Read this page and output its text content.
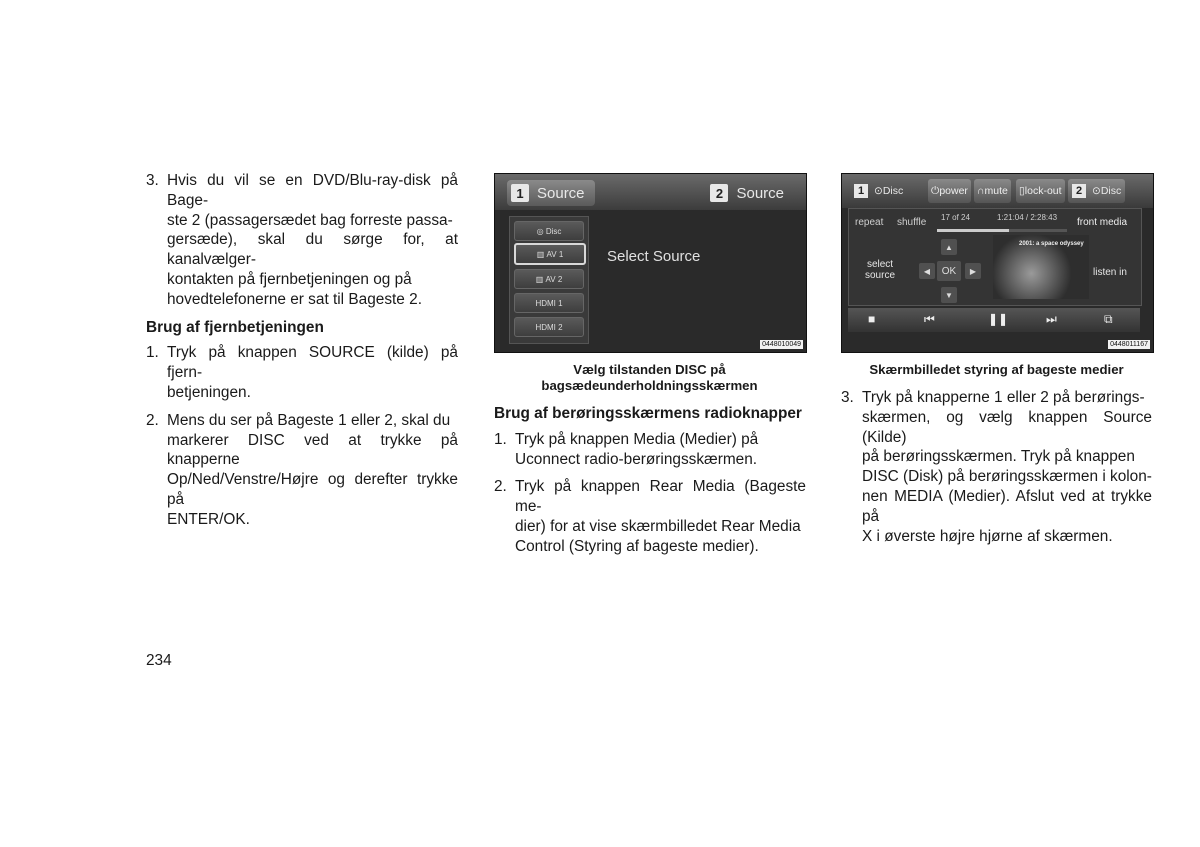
3. Hvis du vil se en DVD/Blu-ray-disk på Bage-
ste 2 (passagersædet bag forreste passa-
gersæde), skal du sørge for, at kanalvælger-
kontakten på fjernbetjeningen og på
hovedtelefonerne er sat til Bageste 2.

Brug af fjernbetjeningen

1. Tryk på knappen SOURCE (kilde) på fjern-
betjeningen.
2. Mens du ser på Bageste 1 eller 2, skal du
markerer DISC ved at trykke på knapperne
Op/Ned/Venstre/Højre og derefter trykke på
ENTER/OK.
1 Source	2 Source
◎ Disc
▥ AV 1
▥ AV 2
HDMI 1
HDMI 2
Select Source
0448010049
Vælg tilstanden DISC på
bagsædeunderholdningsskærmen

Brug af berøringsskærmens radioknapper

1. Tryk på knappen Media (Medier) på
Uconnect radio-berøringsskærmen.
2. Tryk på knappen Rear Media (Bageste me-
dier) for at vise skærmbilledet Rear Media
Control (Styring af bageste medier).
1 ⊙ Disc	⏻ power ∩ mute ▯ lock-out	2 ⊙ Disc
repeat shuffle 17 of 24	1:21:04 / 2:28:43 front media
select
source
▲
◀	OK	▶
▼
2001: a space odyssey
listen in
■	⏮	❚❚	⏭	⧉
0448011167
Skærmbilledet styring af bageste medier
3. Tryk på knapperne 1 eller 2 på berørings-
skærmen, og vælg knappen Source (Kilde)
på berøringsskærmen. Tryk på knappen
DISC (Disk) på berøringsskærmen i kolon-
nen MEDIA (Medier). Afslut ved at trykke på
X i øverste højre hjørne af skærmen.
234
